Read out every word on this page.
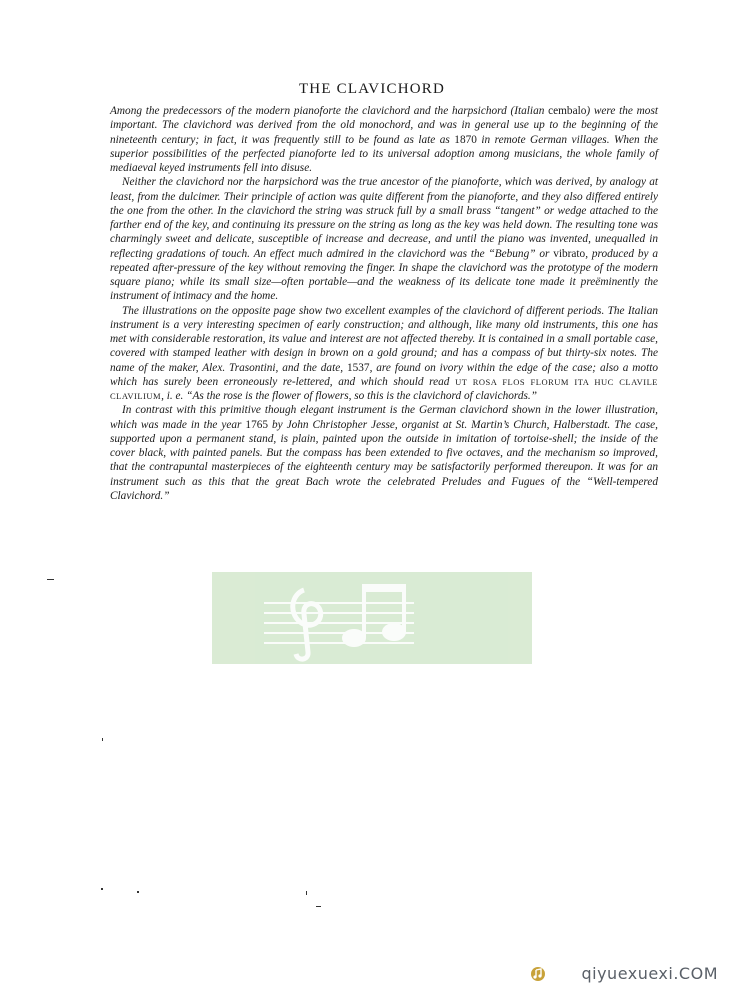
THE CLAVICHORD

Among the predecessors of the modern pianoforte the clavichord and the harpsichord (Italian cembalo) were the most important. The clavichord was derived from the old monochord, and was in general use up to the beginning of the nineteenth century; in fact, it was frequently still to be found as late as 1870 in remote German villages. When the superior possibilities of the perfected pianoforte led to its universal adoption among musicians, the whole family of mediaeval keyed instruments fell into disuse.

Neither the clavichord nor the harpsichord was the true ancestor of the pianoforte, which was derived, by analogy at least, from the dulcimer. Their principle of action was quite different from the pianoforte, and they also differed entirely the one from the other. In the clavichord the string was struck full by a small brass “tangent” or wedge attached to the farther end of the key, and continuing its pressure on the string as long as the key was held down. The resulting tone was charmingly sweet and delicate, susceptible of increase and decrease, and until the piano was invented, unequalled in reflecting gradations of touch. An effect much admired in the clavichord was the “Bebung” or vibrato, produced by a repeated after-pressure of the key without removing the finger. In shape the clavichord was the prototype of the modern square piano; while its small size—often portable—and the weakness of its delicate tone made it preëminently the instrument of intimacy and the home.

The illustrations on the opposite page show two excellent examples of the clavichord of different periods. The Italian instrument is a very interesting specimen of early construction; and although, like many old instruments, this one has met with considerable restoration, its value and interest are not affected thereby. It is contained in a small portable case, covered with stamped leather with design in brown on a gold ground; and has a compass of but thirty-six notes. The name of the maker, Alex. Trasontini, and the date, 1537, are found on ivory within the edge of the case; also a motto which has surely been erroneously re-lettered, and which should read UT ROSA FLOS FLORUM ITA HUC CLAVILE CLAVILIUM, i. e. “As the rose is the flower of flowers, so this is the clavichord of clavichords.”

In contrast with this primitive though elegant instrument is the German clavichord shown in the lower illustration, which was made in the year 1765 by John Christopher Jesse, organist at St. Martin’s Church, Halberstadt. The case, supported upon a permanent stand, is plain, painted upon the outside in imitation of tortoise-shell; the inside of the cover black, with painted panels. But the compass has been extended to five octaves, and the mechanism so improved, that the contrapuntal masterpieces of the eighteenth century may be satisfactorily performed thereupon. It was for an instrument such as this that the great Bach wrote the celebrated Preludes and Fugues of the “Well-tempered Clavichord.”

qiyuexuexi.COM
